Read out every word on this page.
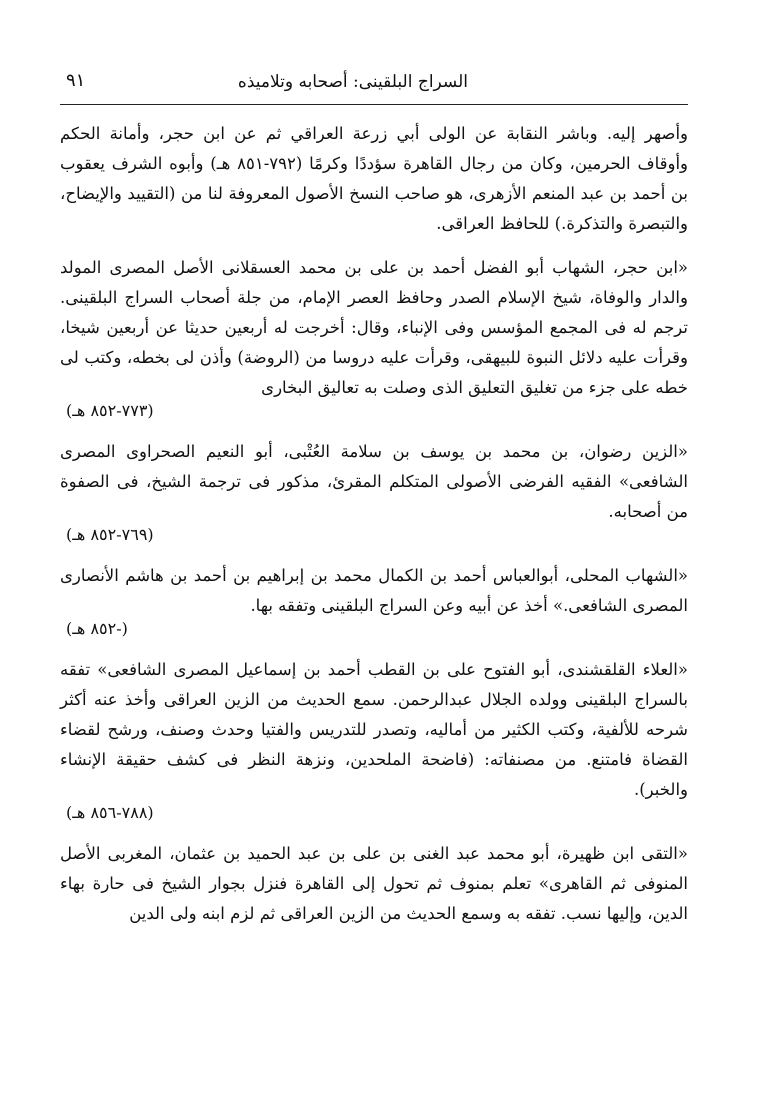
السراج البلقينى: أصحابه وتلاميذه
٩١

وأصهر إليه. وباشر النقابة عن الولى أبي زرعة العراقي ثم عن ابن حجر، وأمانة الحكم وأوقاف الحرمين، وكان من رجال القاهرة سؤددًا وكرمًا (٧٩٢-٨٥١ هـ) وأبوه الشرف يعقوب بن أحمد بن عبد المنعم الأزهرى، هو صاحب النسخ الأصول المعروفة لنا من (التقييد والإيضاح، والتبصرة والتذكرة.) للحافظ العراقى.

«ابن حجر، الشهاب أبو الفضل أحمد بن على بن محمد العسقلانى الأصل المصرى المولد والدار والوفاة، شيخ الإسلام الصدر وحافظ العصر الإمام، من جلة أصحاب السراج البلقينى. ترجم له فى المجمع المؤسس وفى الإنباء، وقال: أخرجت له أربعين حديثا عن أربعين شيخا، وقرأت عليه دلائل النبوة للبيهقى، وقرأت عليه دروسا من (الروضة) وأذن لى بخطه، وكتب لى خطه على جزء من تغليق التعليق الذى وصلت به تعاليق البخارى

(٧٧٣-٨٥٢ هـ)

«الزين رضوان، بن محمد بن يوسف بن سلامة العُتْبى، أبو النعيم الصحراوى المصرى الشافعى» الفقيه الفرضى الأصولى المتكلم المقرئ، مذكور فى ترجمة الشيخ، فى الصفوة من أصحابه.

(٧٦٩-٨٥٢ هـ)

«الشهاب المحلى، أبوالعباس أحمد بن الكمال محمد بن إبراهيم بن أحمد بن هاشم الأنصارى المصرى الشافعى.» أخذ عن أبيه وعن السراج البلقينى وتفقه بها.

(-٨٥٢ هـ)

«العلاء القلقشندى، أبو الفتوح على بن القطب أحمد بن إسماعيل المصرى الشافعى» تفقه بالسراج البلقينى وولده الجلال عبدالرحمن. سمع الحديث من الزين العراقى وأخذ عنه أكثر شرحه للألفية، وكتب الكثير من أماليه، وتصدر للتدريس والفتيا وحدث وصنف، ورشح لقضاء القضاة فامتنع. من مصنفاته: (فاضحة الملحدين، ونزهة النظر فى كشف حقيقة الإنشاء والخبر).

(٧٨٨-٨٥٦ هـ)

«التقى ابن ظهيرة، أبو محمد عبد الغنى بن على بن عبد الحميد بن عثمان، المغربى الأصل المنوفى ثم القاهرى» تعلم بمنوف ثم تحول إلى القاهرة فنزل بجوار الشيخ فى حارة بهاء الدين، وإليها نسب. تفقه به وسمع الحديث من الزين العراقى ثم لزم ابنه ولى الدين
